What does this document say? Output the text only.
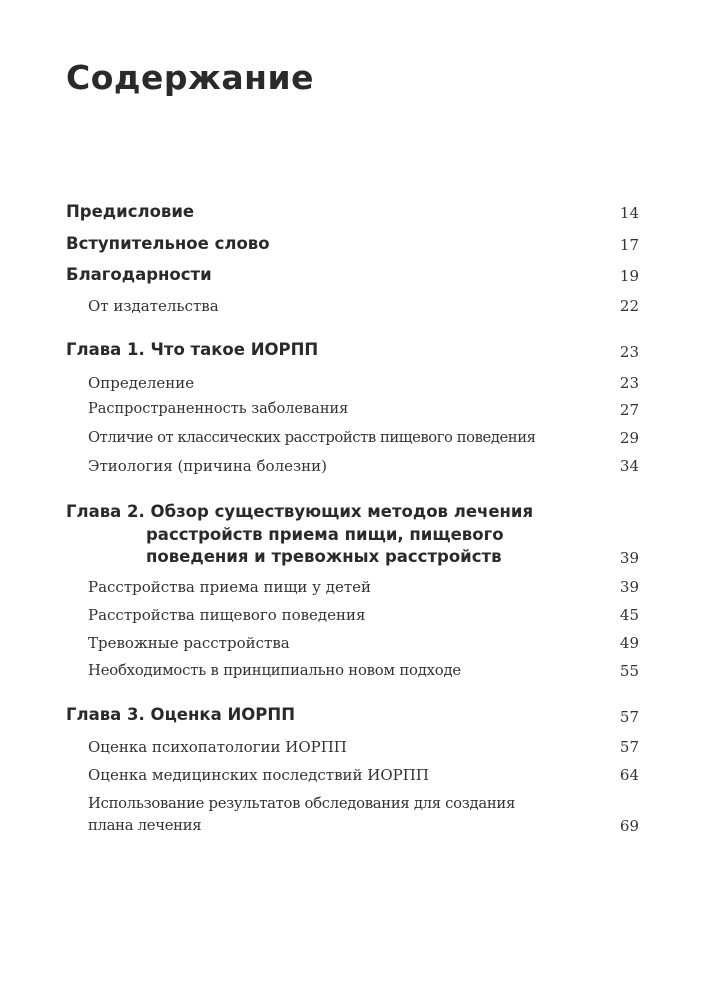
Содержание
Предисловие	14
Вступительное слово	17
Благодарности	19
От издательства	22
Глава 1. Что такое ИОРПП	23
Определение	23
Распространенность заболевания	27
Отличие от классических расстройств пищевого поведения	29
Этиология (причина болезни)	34
Глава 2. Обзор существующих методов лечения
расстройств приема пищи, пищевого
поведения и тревожных расстройств	39
Расстройства приема пищи у детей	39
Расстройства пищевого поведения	45
Тревожные расстройства	49
Необходимость в принципиально новом подходе	55
Глава 3. Оценка ИОРПП	57
Оценка психопатологии ИОРПП	57
Оценка медицинских последствий ИОРПП	64
Использование результатов обследования для создания
плана лечения	69
